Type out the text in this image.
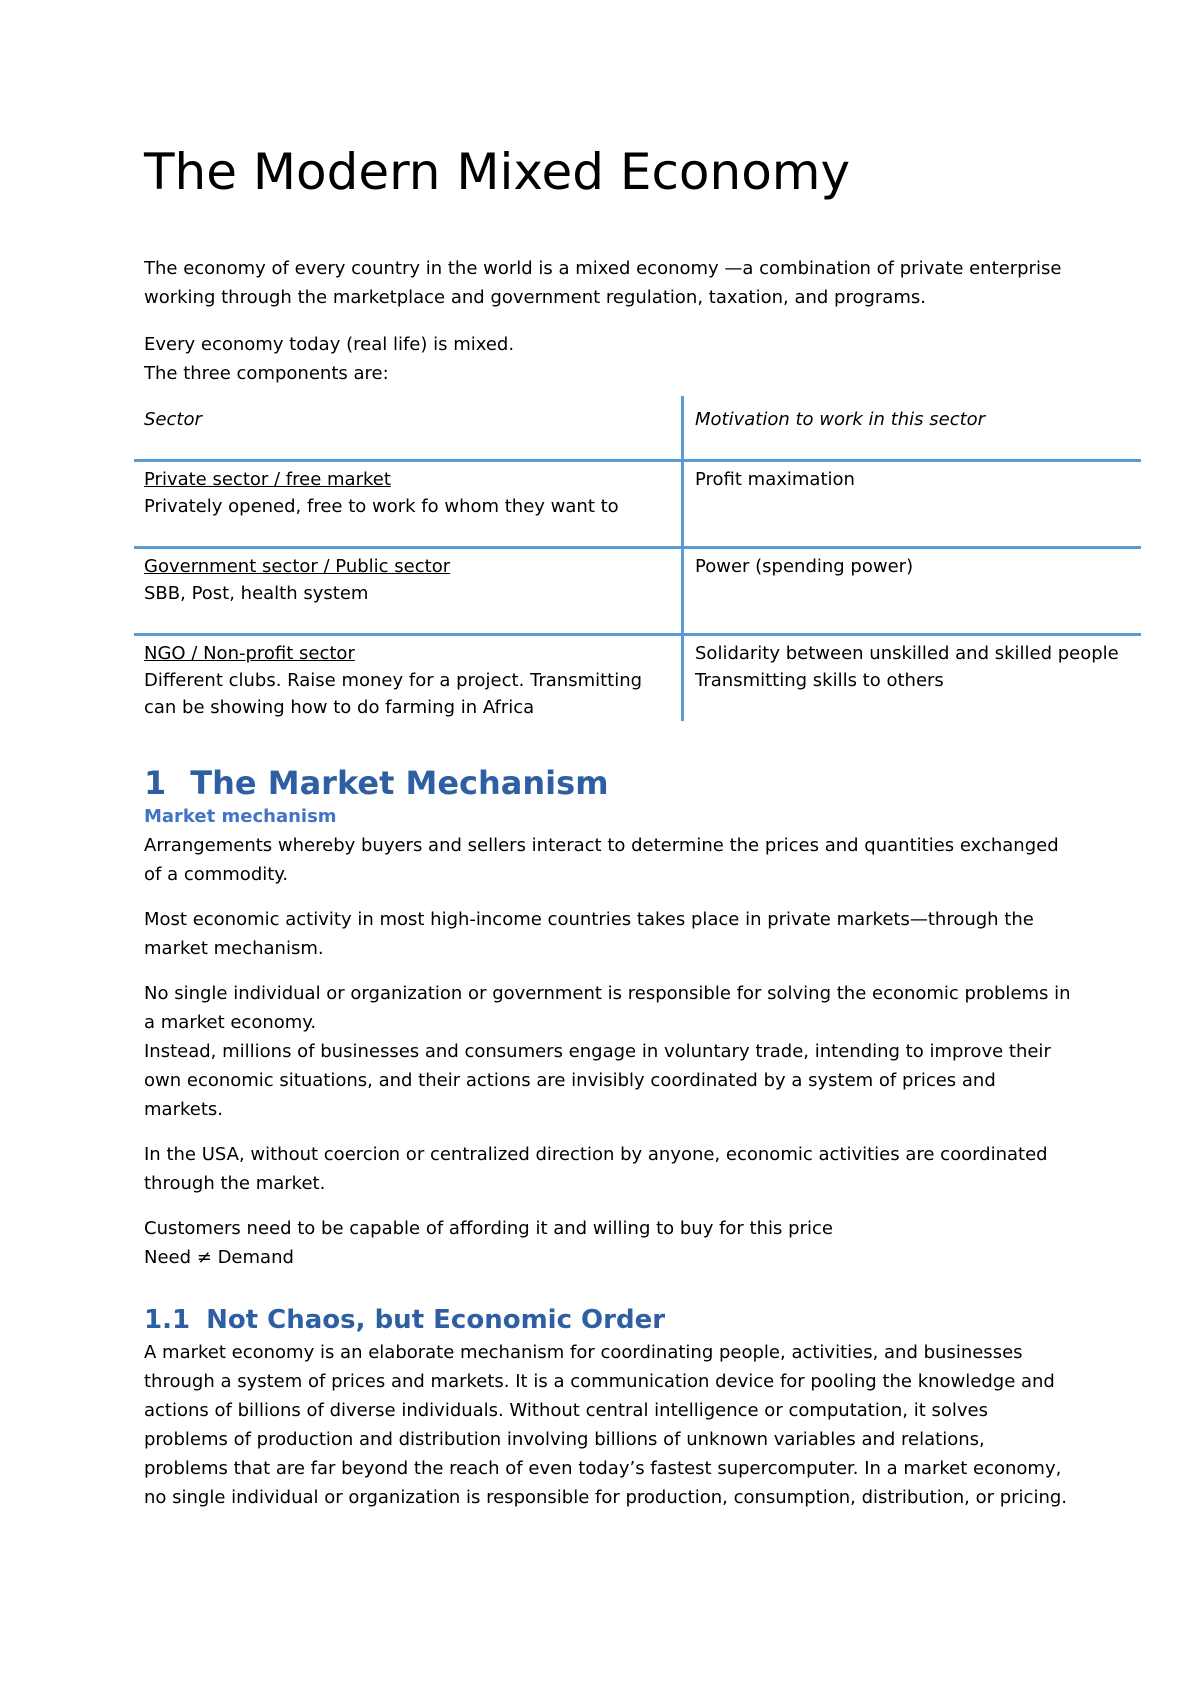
The Modern Mixed Economy

The economy of every country in the world is a mixed economy —a combination of private enterprise working through the marketplace and government regulation, taxation, and programs.

Every economy today (real life) is mixed.

The three components are:

Sector	Motivation to work in this sector
Private sector / free market
Privately opened, free to work fo whom they want to
Profit maximation
Government sector / Public sector
SBB, Post, health system
Power (spending power)
NGO / Non-profit sector
Different clubs. Raise money for a project. Transmitting can be showing how to do farming in Africa
Solidarity between unskilled and skilled people
Transmitting skills to others
1 The Market Mechanism
Market mechanism

Arrangements whereby buyers and sellers interact to determine the prices and quantities exchanged of a commodity.

Most economic activity in most high-income countries takes place in private markets—through the market mechanism.

No single individual or organization or government is responsible for solving the economic problems in a market economy.

Instead, millions of businesses and consumers engage in voluntary trade, intending to improve their own economic situations, and their actions are invisibly coordinated by a system of prices and markets.

In the USA, without coercion or centralized direction by anyone, economic activities are coordinated through the market.

Customers need to be capable of affording it and willing to buy for this price

Need ≠ Demand

1.1 Not Chaos, but Economic Order

A market economy is an elaborate mechanism for coordinating people, activities, and businesses through a system of prices and markets. It is a communication device for pooling the knowledge and actions of billions of diverse individuals. Without central intelligence or computation, it solves problems of production and distribution involving billions of unknown variables and relations, problems that are far beyond the reach of even today’s fastest supercomputer. In a market economy, no single individual or organization is responsible for production, consumption, distribution, or pricing.
